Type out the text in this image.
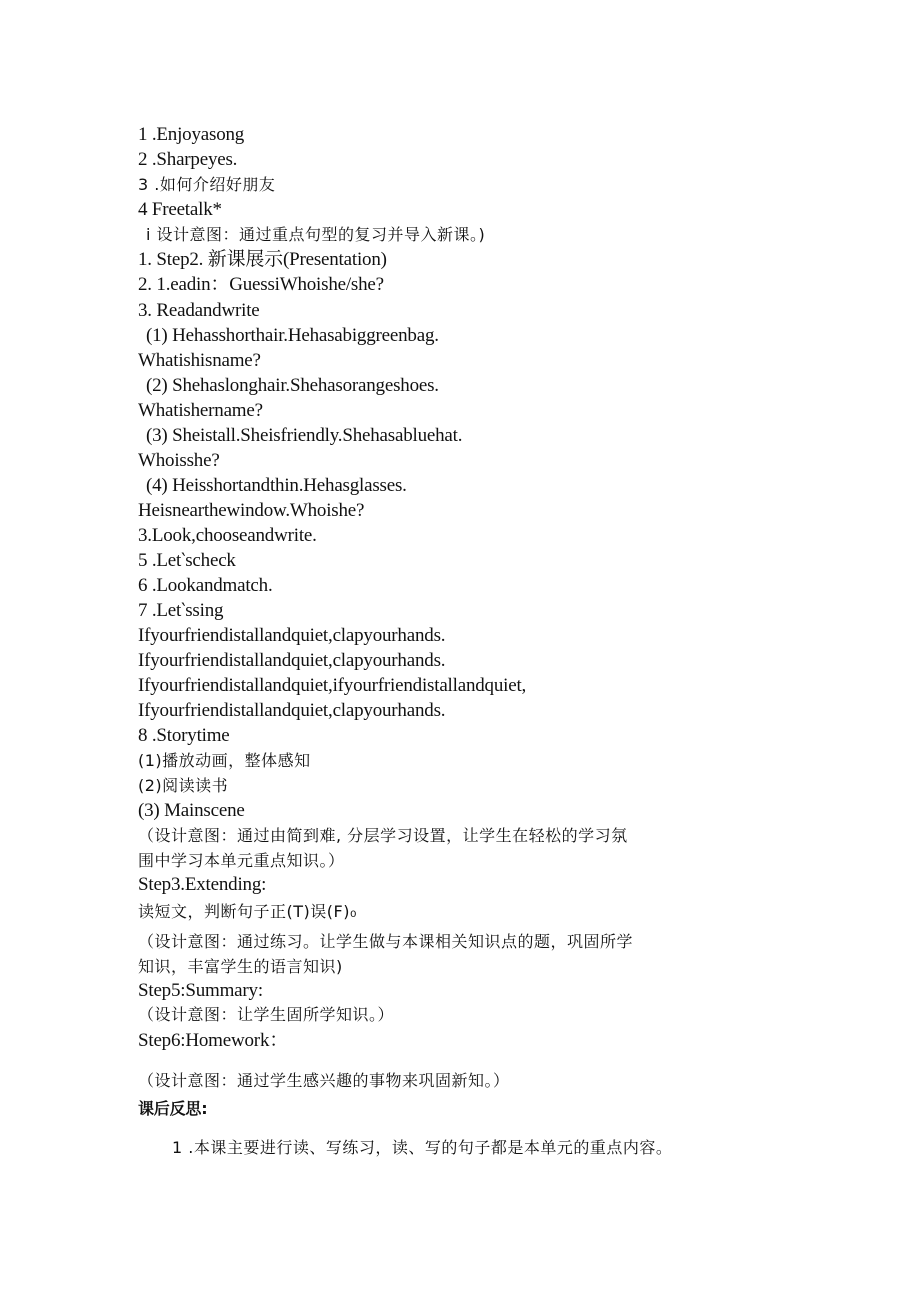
1 .Enjoyasong
2 .Sharpeyes.
3 .如何介绍好朋友
4 Freetalk*
i 设计意图：通过重点句型的复习并导入新课。)
1. Step2. 新课展示(Presentation)
2. 1.eadin：GuessiWhoishe/she?
3. Readandwrite
(1) Hehasshorthair.Hehasabiggreenbag.
Whatishisname?
(2) Shehaslonghair.Shehasorangeshoes.
Whatishername?
(3) Sheistall.Sheisfriendly.Shehasabluehat.
Whoisshe?
(4) Heisshortandthin.Hehasglasses.
Heisnearthewindow.Whoishe?
3.Look,chooseandwrite.
5 .Let‵scheck
6 .Lookandmatch.
7 .Let‵ssing
Ifyourfriendistallandquiet,clapyourhands.
Ifyourfriendistallandquiet,clapyourhands.
Ifyourfriendistallandquiet,ifyourfriendistallandquiet,
Ifyourfriendistallandquiet,clapyourhands.
8 .Storytime
(1)播放动画，整体感知
(2)阅读读书
(3) Mainscene
（设计意图：通过由简到难, 分层学习设置，让学生在轻松的学习氛
围中学习本单元重点知识。）
Step3.Extending:
读短文，判断句子正(T)误(F)₀
（设计意图：通过练习。让学生做与本课相关知识点的题，巩固所学
知识，丰富学生的语言知识)
Step5:Summary:
（设计意图：让学生固所学知识。）
Step6:Homework：
（设计意图：通过学生感兴趣的事物来巩固新知。）
课后反思:
1 .本课主要进行读、写练习，读、写的句子都是本单元的重点内容。
